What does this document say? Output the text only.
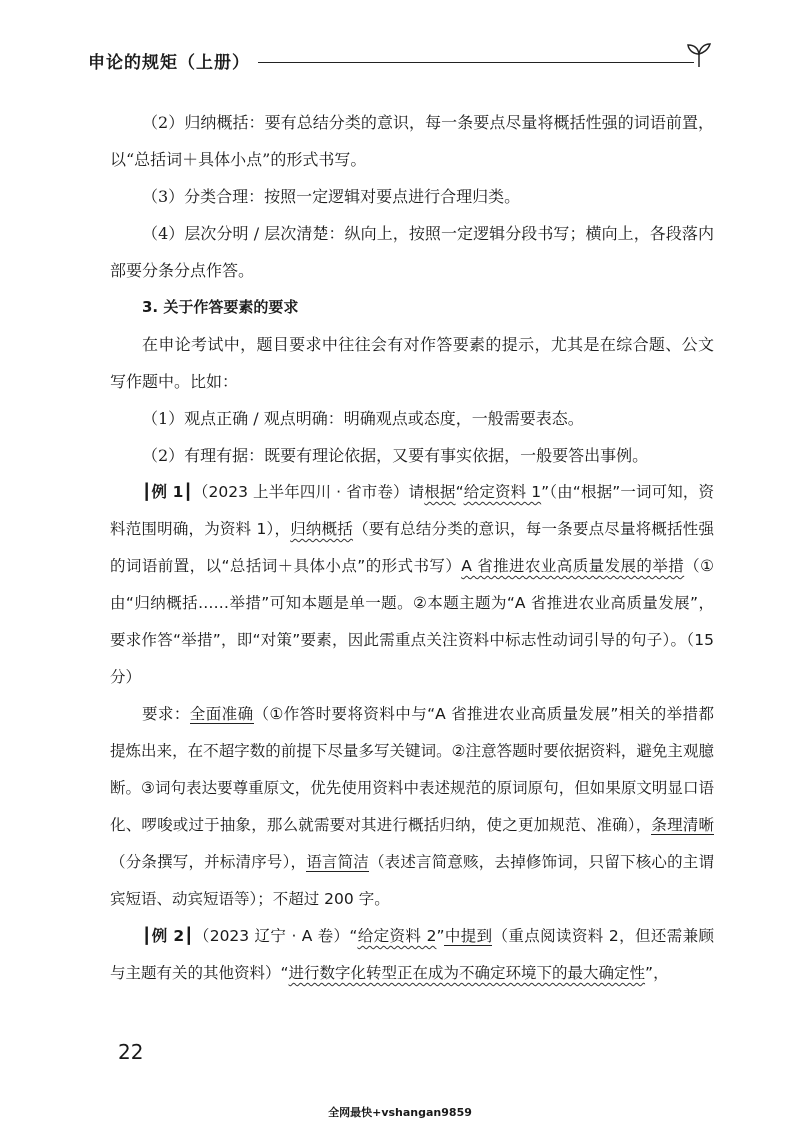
申论的规矩（上册）

（2）归纳概括：要有总结分类的意识，每一条要点尽量将概括性强的词语前置，以“总括词＋具体小点”的形式书写。

（3）分类合理：按照一定逻辑对要点进行合理归类。

（4）层次分明 / 层次清楚：纵向上，按照一定逻辑分段书写；横向上，各段落内部要分条分点作答。

3. 关于作答要素的要求

在申论考试中，题目要求中往往会有对作答要素的提示，尤其是在综合题、公文写作题中。比如：

（1）观点正确 / 观点明确：明确观点或态度，一般需要表态。

（2）有理有据：既要有理论依据，又要有事实依据，一般要答出事例。

┃例 1┃（2023 上半年四川 · 省市卷）请根据“给定资料 1”（由“根据”一词可知，资料范围明确，为资料 1），归纳概括（要有总结分类的意识，每一条要点尽量将概括性强的词语前置，以“总括词＋具体小点”的形式书写）A 省推进农业高质量发展的举措（①由“归纳概括……举措”可知本题是单一题。②本题主题为“A 省推进农业高质量发展”，要求作答“举措”，即“对策”要素，因此需重点关注资料中标志性动词引导的句子）。（15 分）

要求：全面准确（①作答时要将资料中与“A 省推进农业高质量发展”相关的举措都提炼出来，在不超字数的前提下尽量多写关键词。②注意答题时要依据资料，避免主观臆断。③词句表达要尊重原文，优先使用资料中表述规范的原词原句，但如果原文明显口语化、啰唆或过于抽象，那么就需要对其进行概括归纳，使之更加规范、准确），条理清晰（分条撰写，并标清序号），语言简洁（表述言简意赅，去掉修饰词，只留下核心的主谓宾短语、动宾短语等）；不超过 200 字。

┃例 2┃（2023 辽宁 · A 卷）“给定资料 2”中提到（重点阅读资料 2，但还需兼顾与主题有关的其他资料）“进行数字化转型正在成为不确定环境下的最大确定性”，

22
全网最快+vshangan9859
